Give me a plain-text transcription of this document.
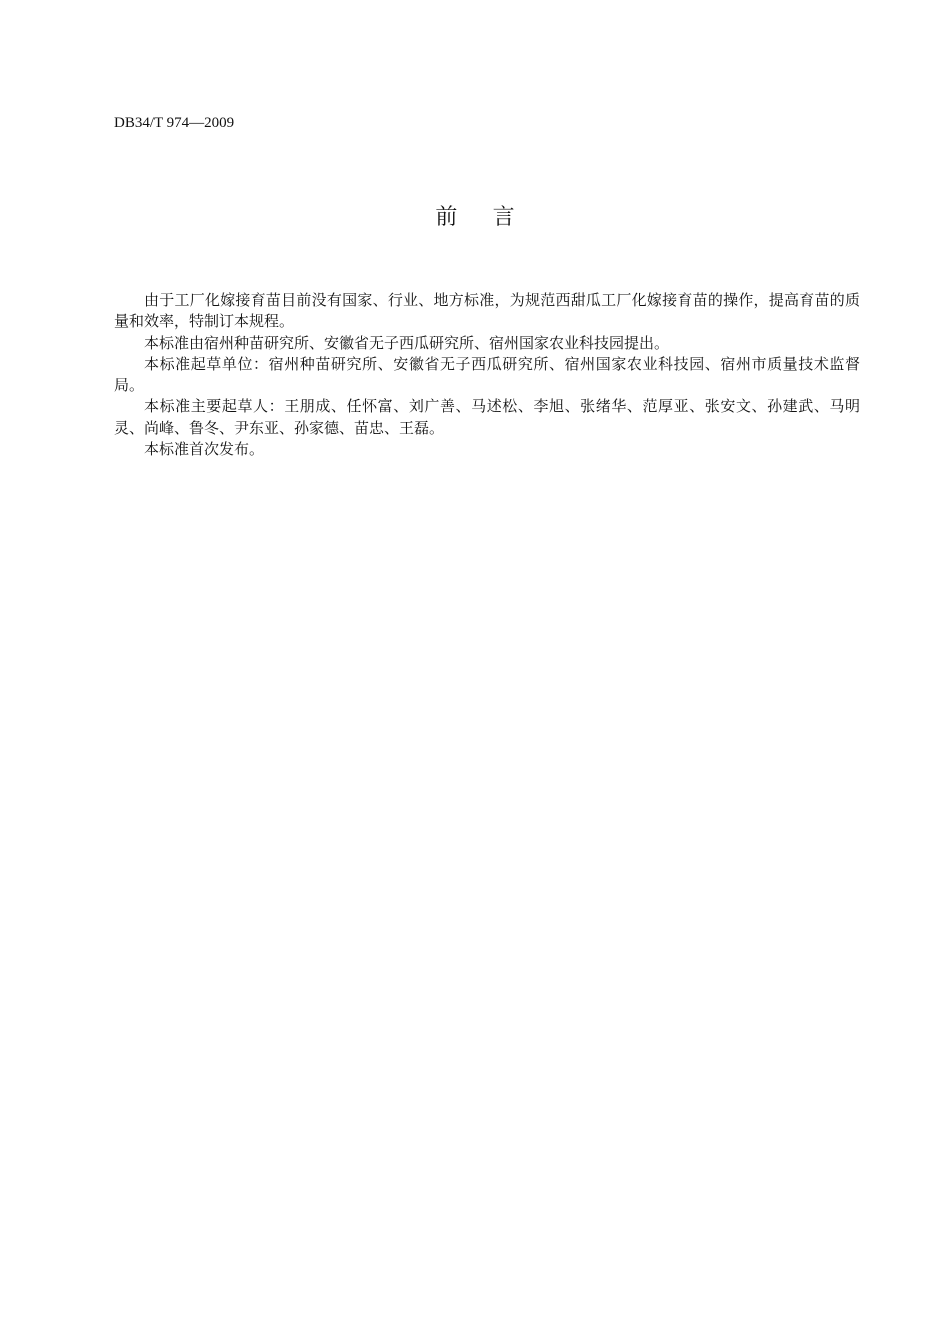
DB34/T 974—2009
前言

由于工厂化嫁接育苗目前没有国家、行业、地方标准，为规范西甜瓜工厂化嫁接育苗的操作，提高育苗的质量和效率，特制订本规程。

本标准由宿州种苗研究所、安徽省无子西瓜研究所、宿州国家农业科技园提出。

本标准起草单位：宿州种苗研究所、安徽省无子西瓜研究所、宿州国家农业科技园、宿州市质量技术监督局。

本标准主要起草人：王朋成、任怀富、刘广善、马述松、李旭、张绪华、范厚亚、张安文、孙建武、马明灵、尚峰、鲁冬、尹东亚、孙家德、苗忠、王磊。

本标准首次发布。
